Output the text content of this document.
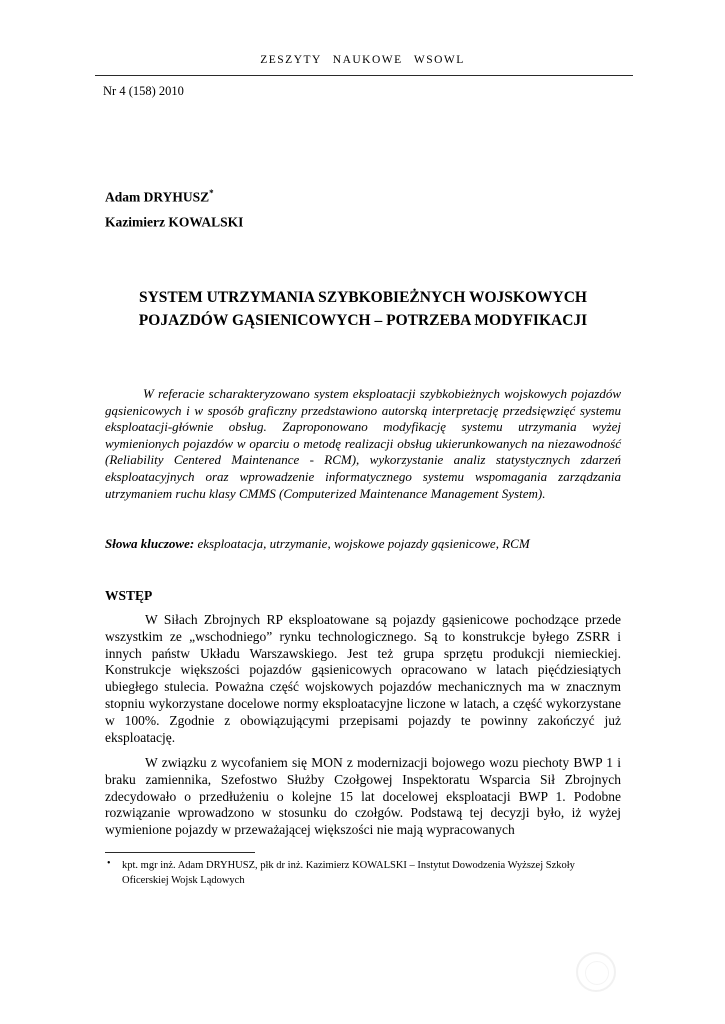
ZESZYTY NAUKOWE WSOWL
Nr 4 (158) 2010
Adam DRYHUSZ*
Kazimierz KOWALSKI
SYSTEM UTRZYMANIA SZYBKOBIEŻNYCH WOJSKOWYCH
POJAZDÓW GĄSIENICOWYCH – POTRZEBA MODYFIKACJI
W referacie scharakteryzowano system eksploatacji szybkobieżnych wojskowych pojazdów gąsienicowych i w sposób graficzny przedstawiono autorską interpretację przedsięwzięć systemu eksploatacji-głównie obsług. Zaproponowano modyfikację systemu utrzymania wyżej wymienionych pojazdów w oparciu o metodę realizacji obsług ukierunkowanych na niezawodność (Reliability Centered Maintenance - RCM), wykorzystanie analiz statystycznych zdarzeń eksploatacyjnych oraz wprowadzenie informatycznego systemu wspomagania zarządzania utrzymaniem ruchu klasy CMMS (Computerized Maintenance Management System).
Słowa kluczowe: eksploatacja, utrzymanie, wojskowe pojazdy gąsienicowe, RCM
WSTĘP
W Siłach Zbrojnych RP eksploatowane są pojazdy gąsienicowe pochodzące przede wszystkim ze „wschodniego” rynku technologicznego. Są to konstrukcje byłego ZSRR i innych państw Układu Warszawskiego. Jest też grupa sprzętu produkcji niemieckiej. Konstrukcje większości pojazdów gąsienicowych opracowano w latach pięćdziesiątych ubiegłego stulecia. Poważna część wojskowych pojazdów mechanicznych ma w znacznym stopniu wykorzystane docelowe normy eksploatacyjne liczone w latach, a część wykorzystane w 100%. Zgodnie z obowiązującymi przepisami pojazdy te powinny zakończyć już eksploatację.
W związku z wycofaniem się MON z modernizacji bojowego wozu piechoty BWP 1 i braku zamiennika, Szefostwo Służby Czołgowej Inspektoratu Wsparcia Sił Zbrojnych zdecydowało o przedłużeniu o kolejne 15 lat docelowej eksploatacji BWP 1. Podobne rozwiązanie wprowadzono w stosunku do czołgów. Podstawą tej decyzji było, iż wyżej wymienione pojazdy w przeważającej większości nie mają wypracowanych
• kpt. mgr inż. Adam DRYHUSZ, płk dr inż. Kazimierz KOWALSKI – Instytut Dowodzenia Wyższej Szkoły Oficerskiej Wojsk Lądowych
